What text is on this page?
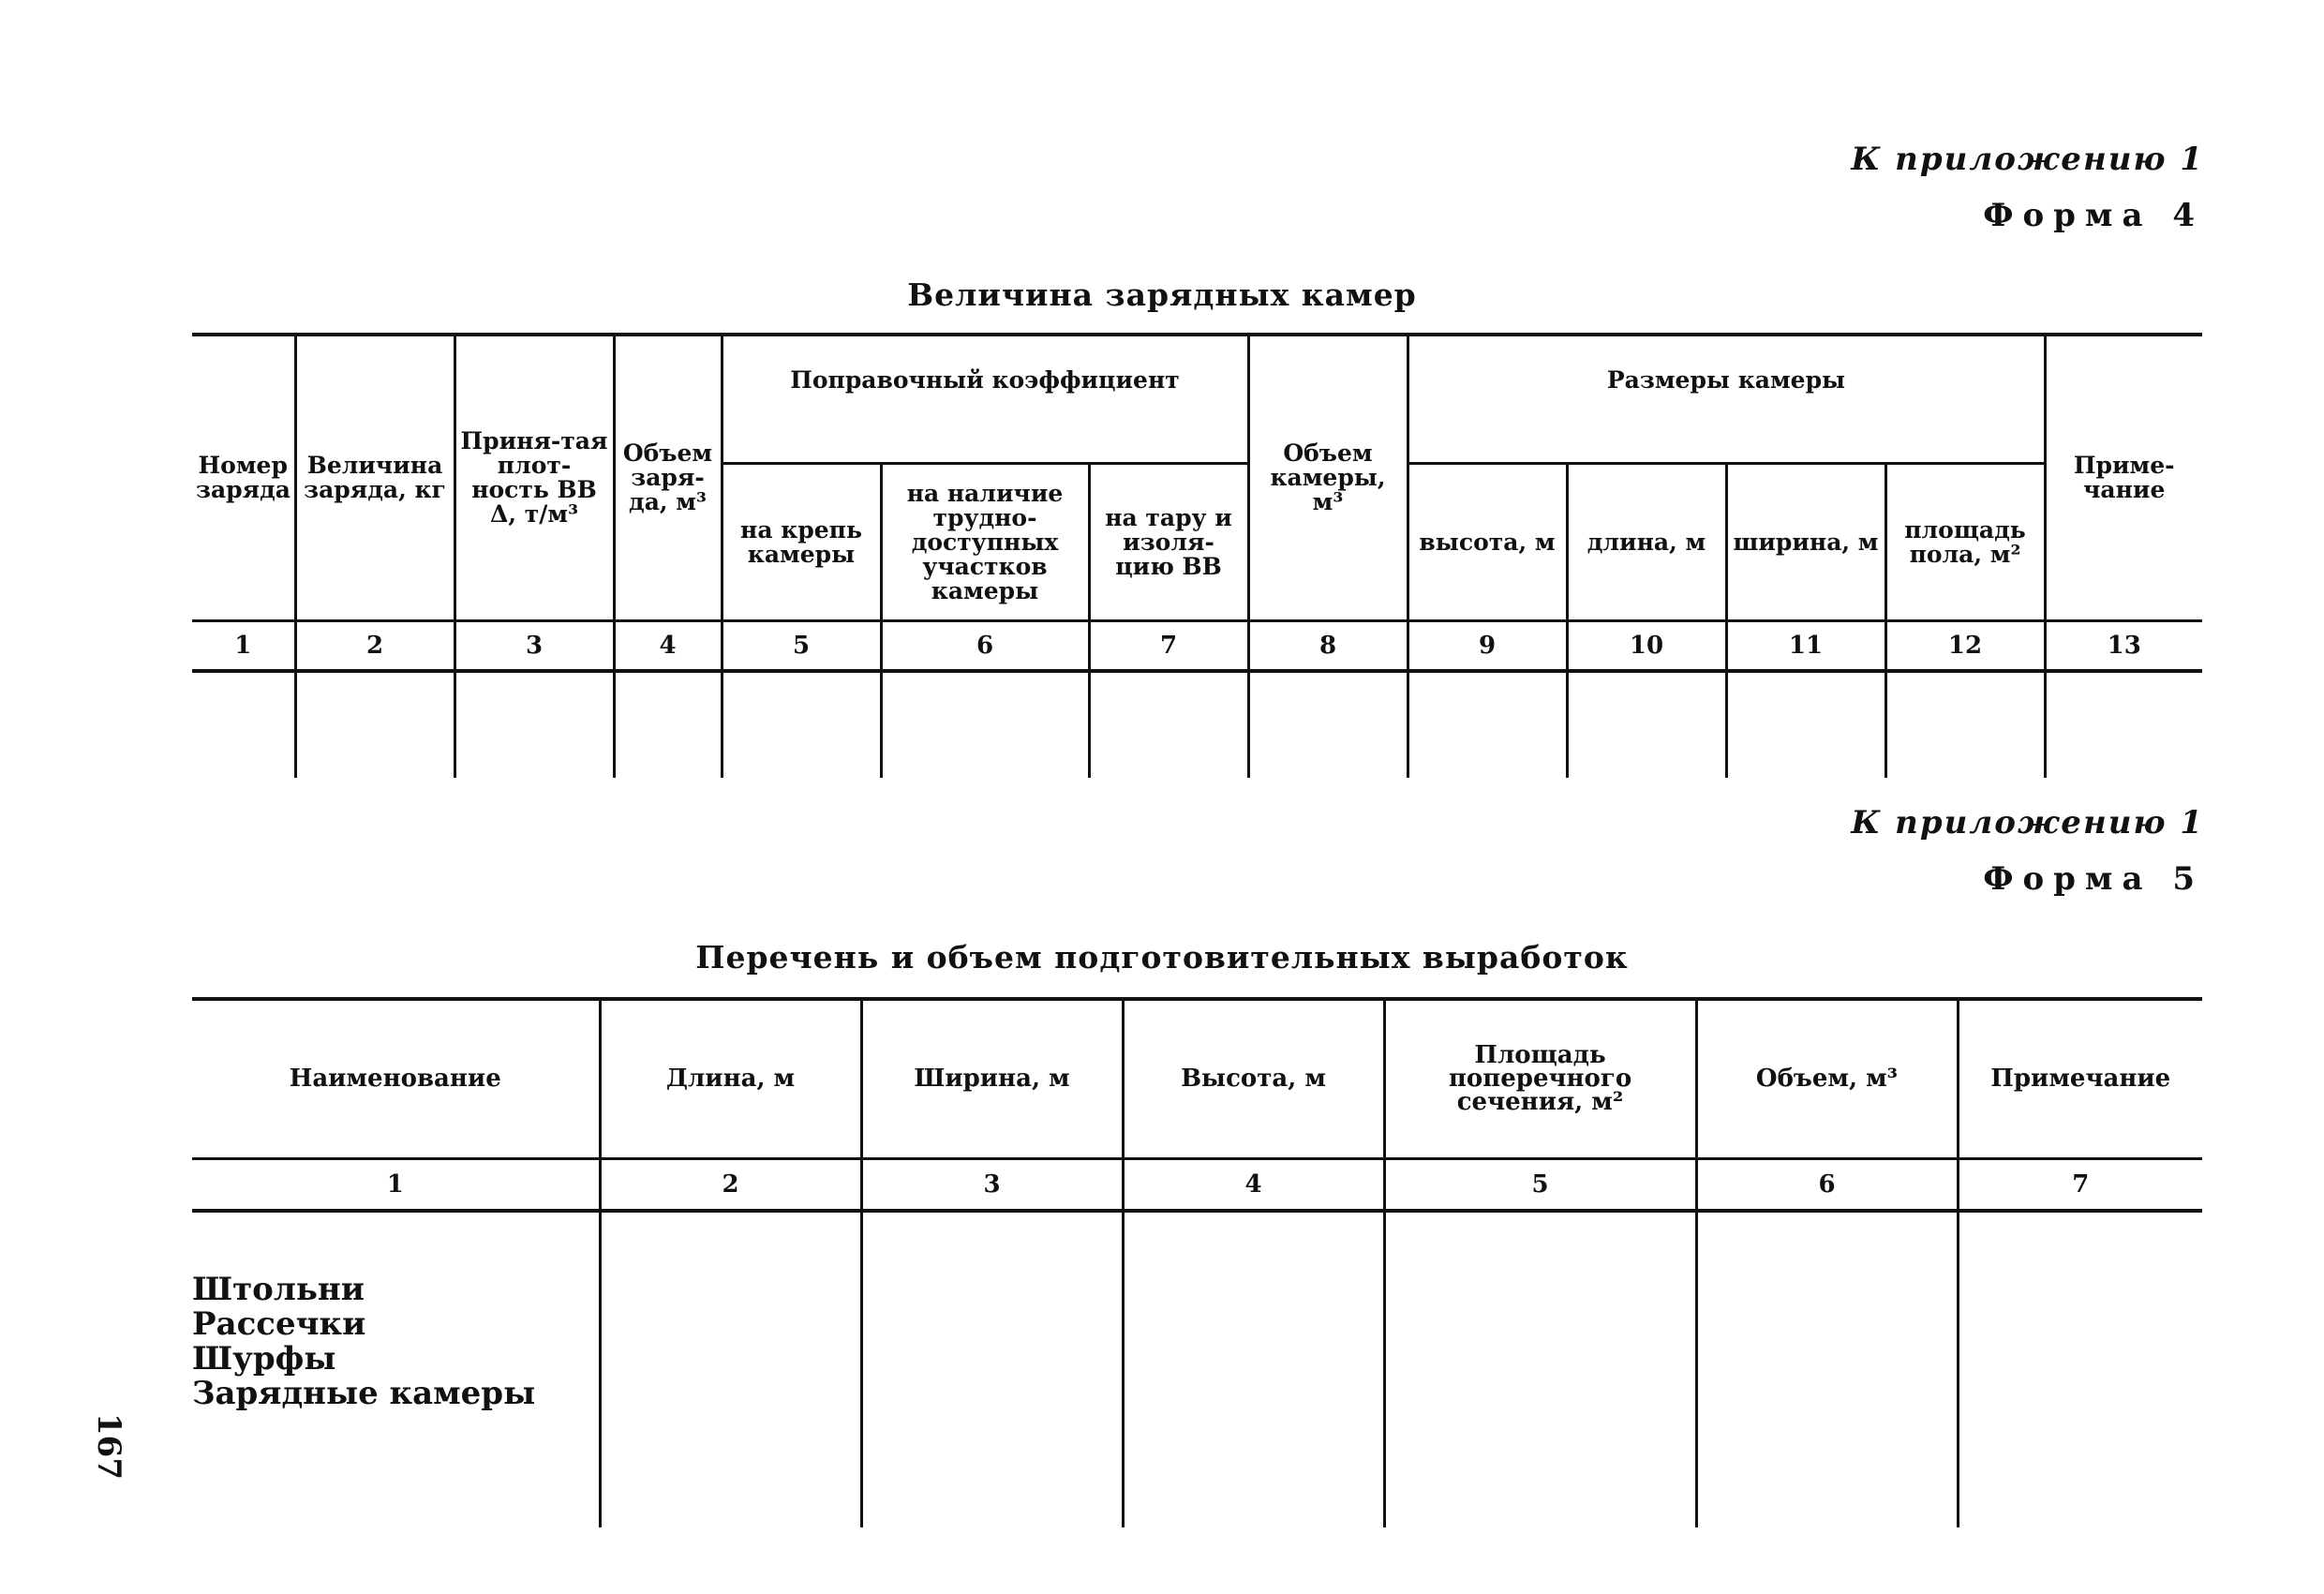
К приложению 1
Форма 4
Величина зарядных камер
Номер заряда	Величина заряда, кг	Приня-тая плот-ность ВВ Δ, т/м³	Объем заря-да, м³	Поправочный коэффициент			Объем камеры, м³	Размеры камеры				Приме-чание
				на крепь камеры	на наличие трудно-доступных участков камеры	на тару и изоля-цию ВВ		высота, м	длина, м	ширина, м	площадь пола, м²	
1	2	3	4	5	6	7	8	9	10	11	12	13

К приложению 1
Форма 5
Перечень и объем подготовительных выработок
Наименование	Длина, м	Ширина, м	Высота, м	Площадь поперечного сечения, м²	Объем, м³	Примечание
1	2	3	4	5	6	7

Штольни
Рассечки
Шурфы
Зарядные камеры						

167
